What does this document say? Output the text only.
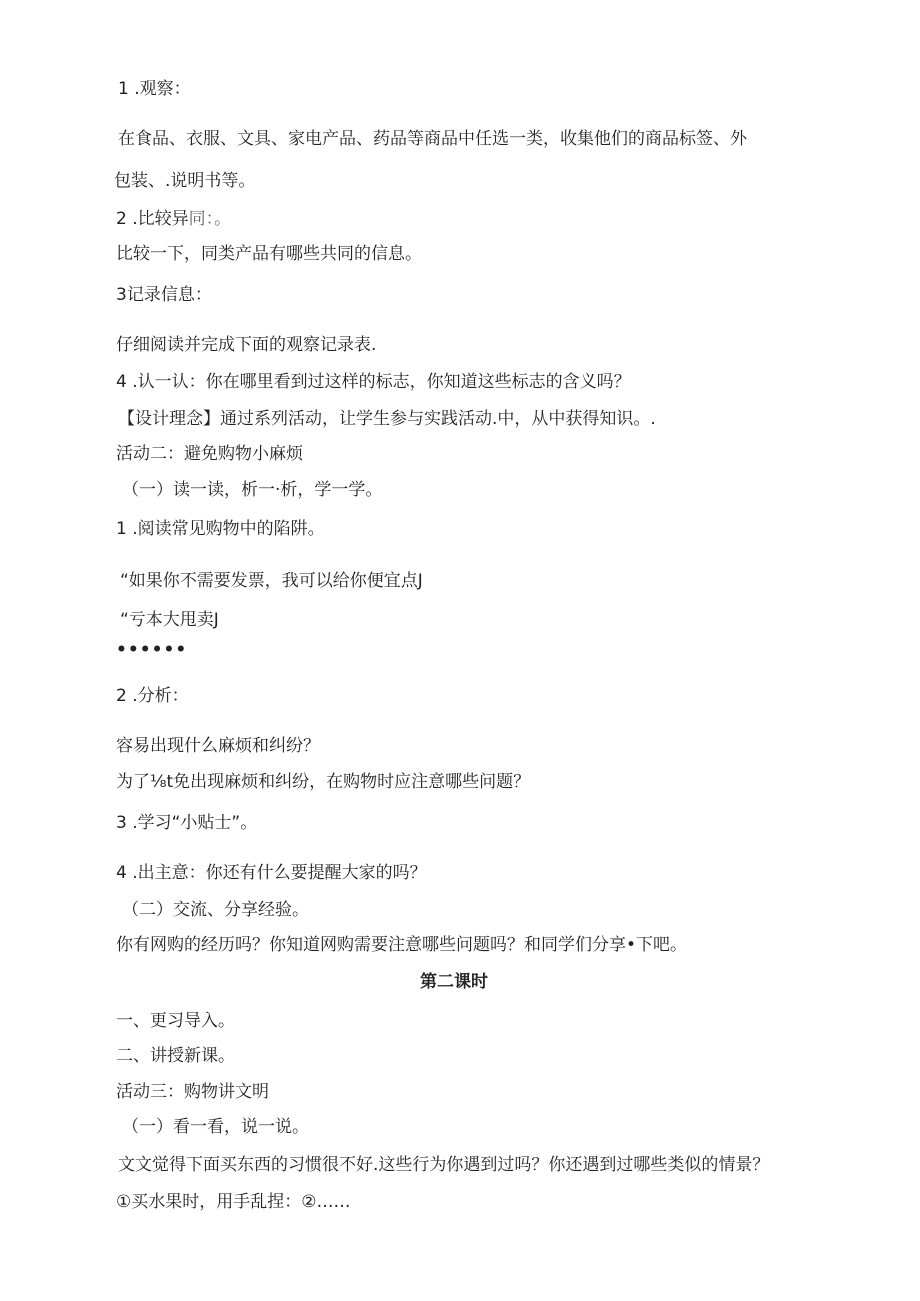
1 .观察：
在食品、衣服、文具、家电产品、药品等商品中任选一类，收集他们的商品标签、外
包装、.说明书等。
2 .比较异同：。
比较一下，同类产品有哪些共同的信息。
3记录信息：
仔细阅读并完成下面的观察记录表.
4 .认一认：你在哪里看到过这样的标志，你知道这些标志的含义吗？
【设计理念】通过系列活动，让学生参与实践活动.中，从中获得知识。.
活动二：避免购物小麻烦
（一）读一读，析一·析，学一学。
1 .阅读常见购物中的陷阱。
“如果你不需要发票，我可以给你便宜点J
“亏本大甩卖J
••••••
2 .分析：
容易出现什么麻烦和纠纷？
为了⅛t免出现麻烦和纠纷，在购物时应注意哪些问题？
3 .学习“小贴士”。
4 .出主意：你还有什么要提醒大家的吗？
（二）交流、分享经验。
你有网购的经历吗？你知道网购需要注意哪些问题吗？和同学们分享•下吧。
第二课时
一、更习导入。
二、讲授新课。
活动三：购物讲文明
（一）看一看，说一说。
文文觉得下面买东西的习惯很不好.这些行为你遇到过吗？你还遇到过哪些类似的情景？
①买水果时，用手乱捏：②……
